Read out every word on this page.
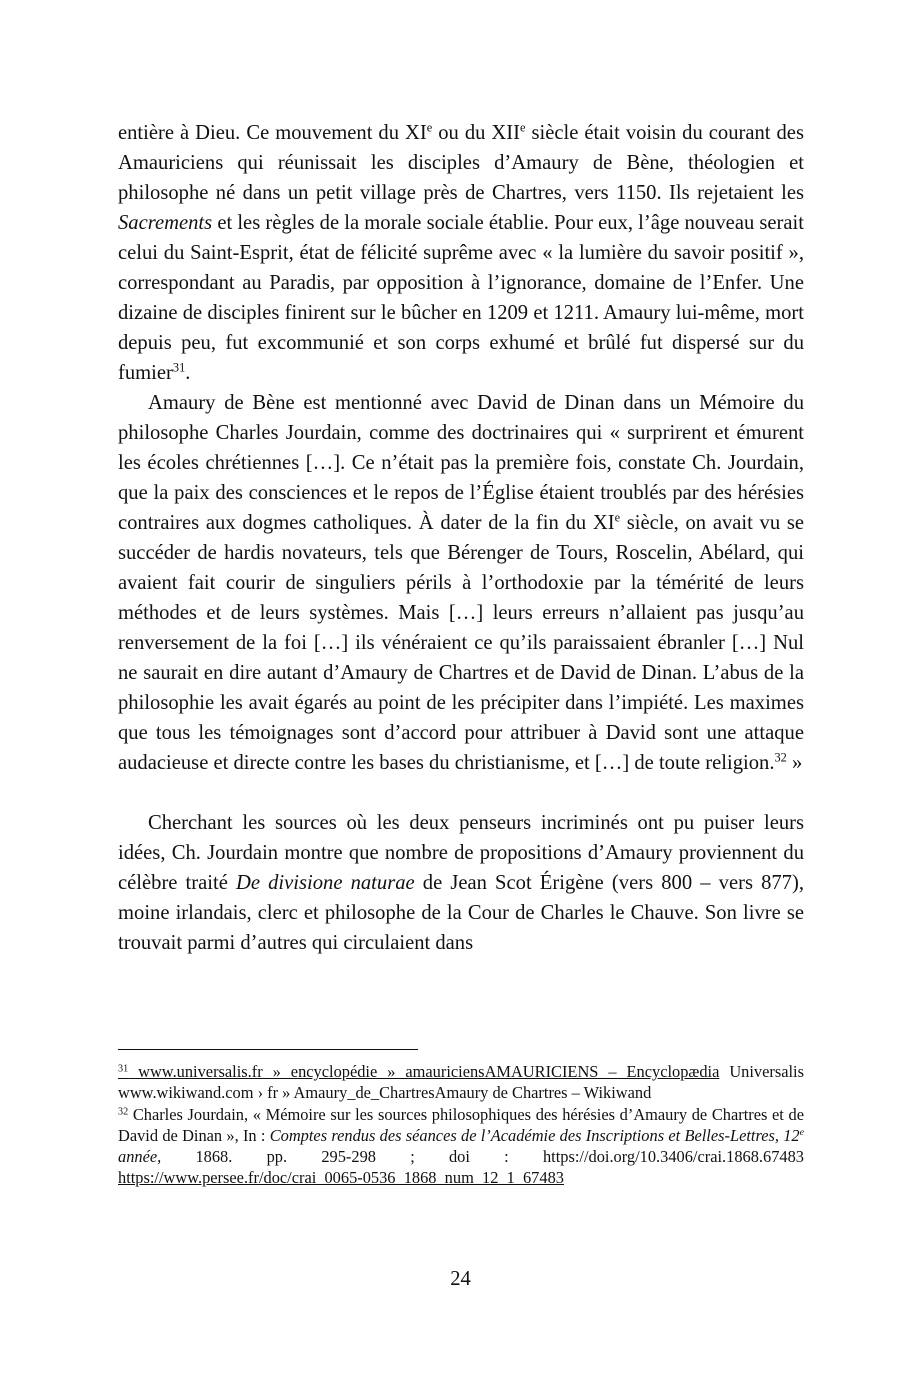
entière à Dieu. Ce mouvement du XIe ou du XIIe siècle était voisin du courant des Amauriciens qui réunissait les disciples d’Amaury de Bène, théologien et philosophe né dans un petit village près de Chartres, vers 1150. Ils rejetaient les Sacrements et les règles de la morale sociale établie. Pour eux, l’âge nouveau serait celui du Saint-Esprit, état de félicité suprême avec « la lumière du savoir positif », correspondant au Paradis, par opposition à l’ignorance, domaine de l’Enfer. Une dizaine de disciples finirent sur le bûcher en 1209 et 1211. Amaury lui-même, mort depuis peu, fut excommunié et son corps exhumé et brûlé fut dispersé sur du fumier$^{31}$.

Amaury de Bène est mentionné avec David de Dinan dans un Mémoire du philosophe Charles Jourdain, comme des doctrinaires qui « surprirent et émurent les écoles chrétiennes […]. Ce n’était pas la première fois, constate Ch. Jourdain, que la paix des consciences et le repos de l’Église étaient troublés par des hérésies contraires aux dogmes catholiques. À dater de la fin du XIe siècle, on avait vu se succéder de hardis novateurs, tels que Bérenger de Tours, Roscelin, Abélard, qui avaient fait courir de singuliers périls à l’orthodoxie par la témérité de leurs méthodes et de leurs systèmes. Mais […] leurs erreurs n’allaient pas jusqu’au renversement de la foi […] ils vénéraient ce qu’ils paraissaient ébranler […] Nul ne saurait en dire autant d’Amaury de Chartres et de David de Dinan. L’abus de la philosophie les avait égarés au point de les précipiter dans l’impiété. Les maximes que tous les témoignages sont d’accord pour attribuer à David sont une attaque audacieuse et directe contre les bases du christianisme, et […] de toute religion.$^{32}$ »

Cherchant les sources où les deux penseurs incriminés ont pu puiser leurs idées, Ch. Jourdain montre que nombre de propositions d’Amaury proviennent du célèbre traité De divisione naturae de Jean Scot Érigène (vers 800 – vers 877), moine irlandais, clerc et philosophe de la Cour de Charles le Chauve. Son livre se trouvait parmi d’autres qui circulaient dans

$^{31}$ www.universalis.fr » encyclopédie » amauriciensAMAURICIENS – Encyclopædia Universalis www.wikiwand.com › fr » Amaury_de_ChartresAmaury de Chartres – Wikiwand

$^{32}$ Charles Jourdain, « Mémoire sur les sources philosophiques des hérésies d’Amaury de Chartres et de David de Dinan », In : Comptes rendus des séances de l’Académie des Inscriptions et Belles-Lettres, 12e année, 1868. pp. 295-298 ; doi : https://doi.org/10.3406/crai.1868.67483 https://www.persee.fr/doc/crai_0065-0536_1868_num_12_1_67483

24
